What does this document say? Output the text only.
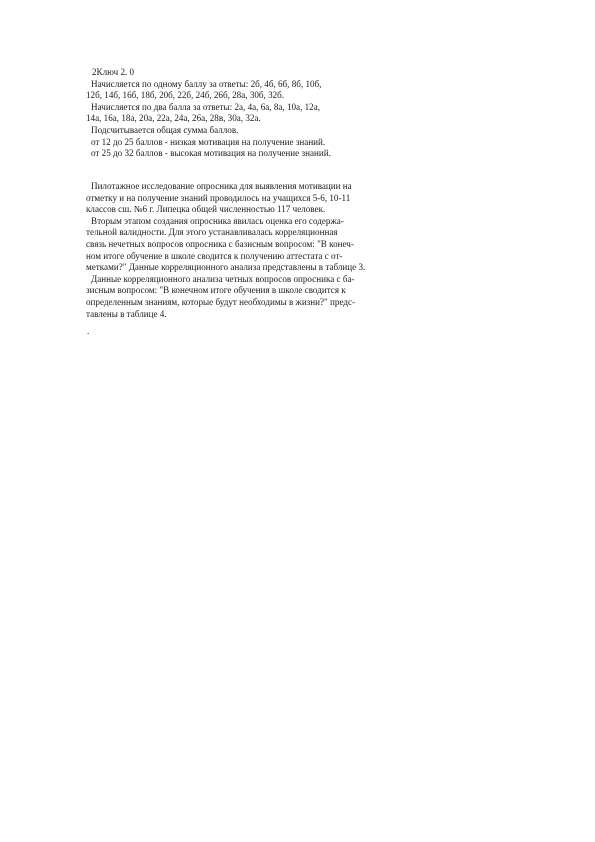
2Ключ 2. 0
Начисляется по одному баллу за ответы: 2б, 4б, 6б, 8б, 10б,
12б, 14б, 16б, 18б, 20б, 22б, 24б, 26б, 28а, 30б, 32б.
Начисляется по два балла за ответы: 2а, 4а, 6а, 8а, 10а, 12а,
14а, 16а, 18а, 20а, 22а, 24а, 26а, 28в, 30а, 32а.
Подсчитывается общая сумма баллов.
от 12 до 25 баллов - низкая мотивация на получение знаний.
от 25 до 32 баллов - высокая мотивация на получение знаний.
Пилотажное исследование опросника для выявления мотивации на
отметку и на получение знаний проводилось на учащихся 5-6, 10-11
классов сш. №6 г. Липецка общей численностью 117 человек.
Вторым этапом создания опросника явилась оценка его содержа-
тельной валидности. Для этого устанавливалась корреляционная
связь нечетных вопросов опросника с базисным вопросом: "В конеч-
ном итоге обучение в школе сводится к получению аттестата с от-
метками?" Данные корреляционного анализа представлены в таблице 3.
Данные корреляционного анализа четных вопросов опросника с ба-
зисным вопросом: "В конечном итоге обучения в школе сводится к
определенным знаниям, которые будут необходимы в жизни?" предс-
тавлены в таблице 4.
.
